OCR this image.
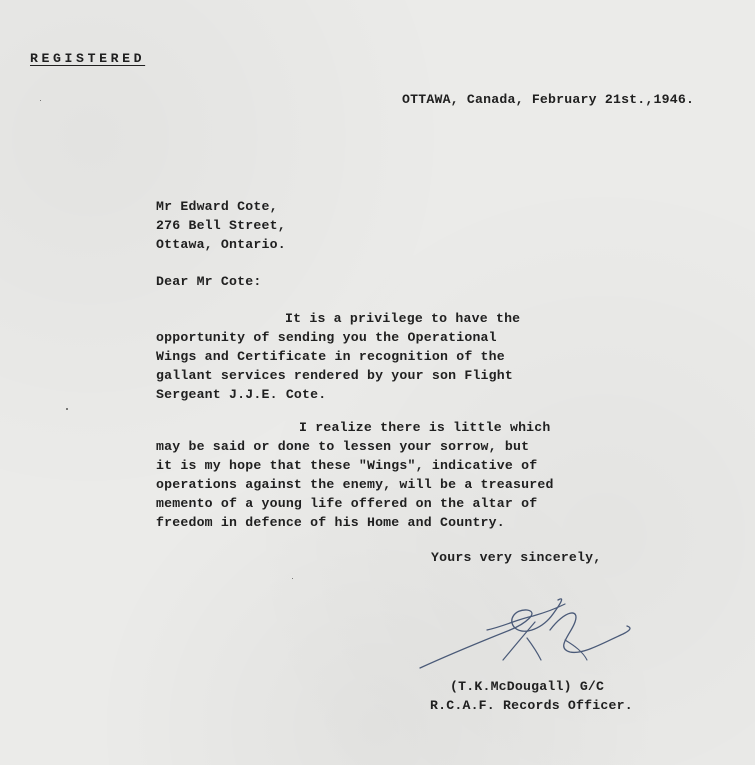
REGISTERED
OTTAWA, Canada, February 21st.,1946.
Mr Edward Cote,
276 Bell Street,
Ottawa, Ontario.
Dear Mr Cote:
It is a privilege to have the
opportunity of sending you the Operational
Wings and Certificate in recognition of the
gallant services rendered by your son Flight
Sergeant J.J.E. Cote.
I realize there is little which
may be said or done to lessen your sorrow, but
it is my hope that these "Wings", indicative of
operations against the enemy, will be a treasured
memento of a young life offered on the altar of
freedom in defence of his Home and Country.
Yours very sincerely,
(T.K.McDougall) G/C
R.C.A.F. Records Officer.
